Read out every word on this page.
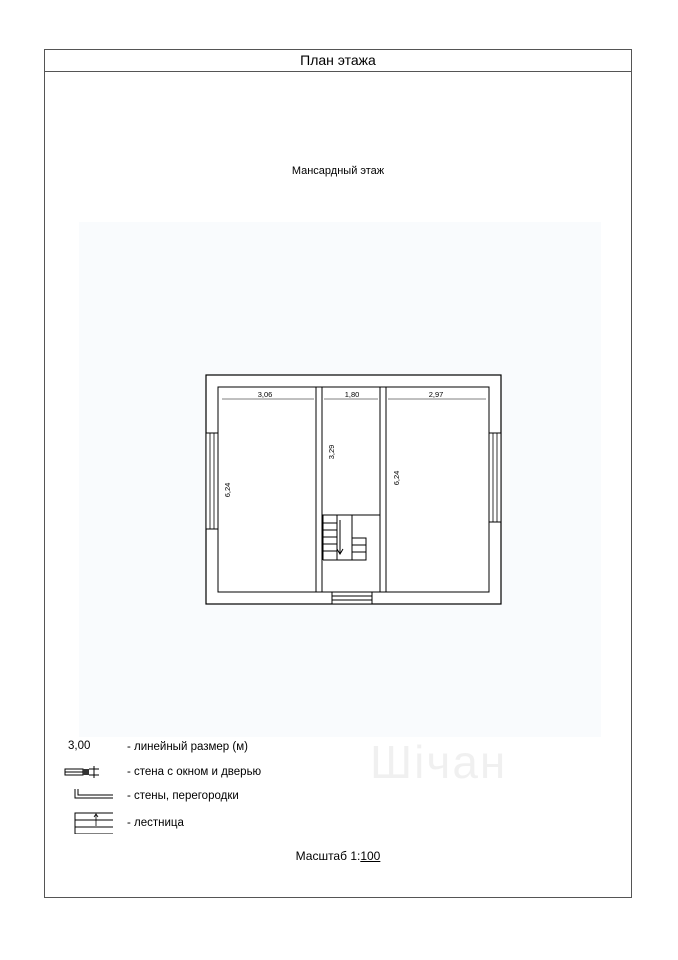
План этажа
Мансардный этаж
3,00	- линейный размер (м)
- стена с окном и дверью
- стены, перегородки
- лестница
Масштаб 1:100
Шiчан
3,06	1,80	2,97
6,24
3,29
6,24
